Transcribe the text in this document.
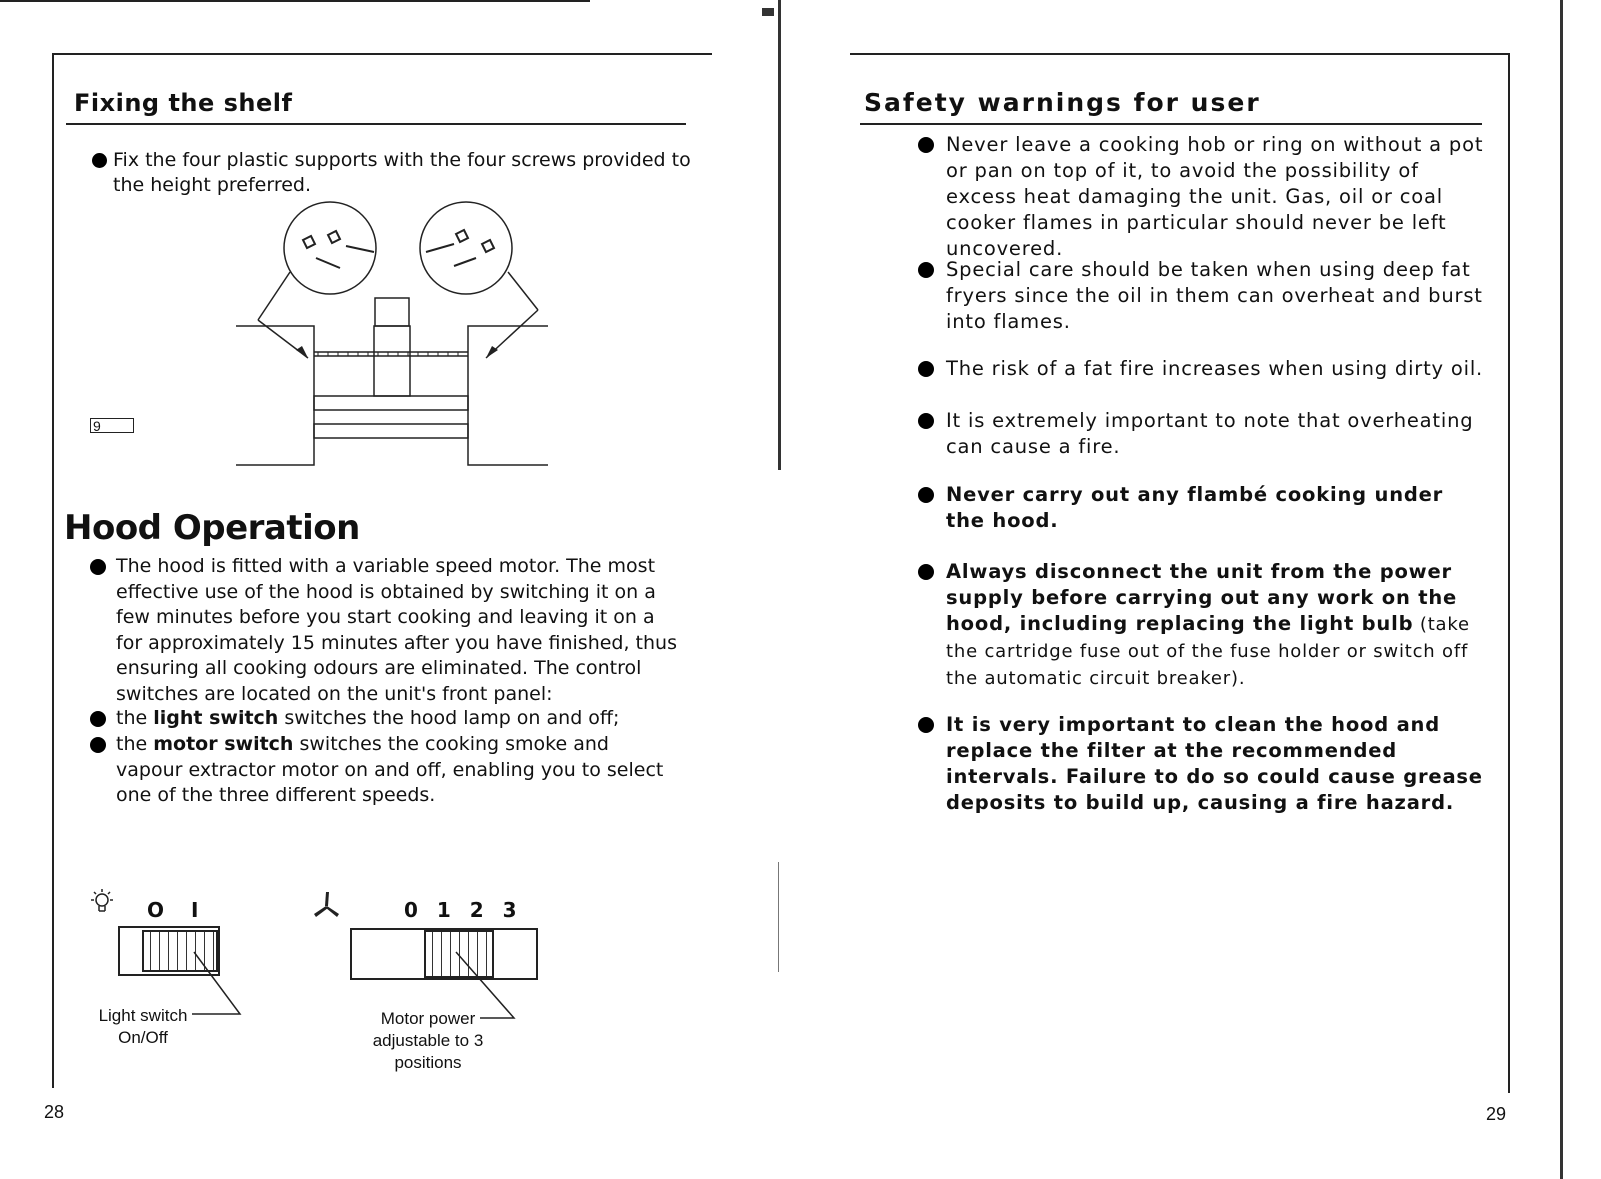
Fixing the shelf
Fix the four plastic supports with the four screws provided to the height preferred.
9
Hood Operation
The hood is fitted with a variable speed motor. The most effective use of the hood is obtained by switching it on a few minutes before you start cooking and leaving it on a for approximately 15 minutes after you have finished, thus ensuring all cooking odours are eliminated. The control switches are located on the unit's front panel:
the light switch switches the hood lamp on and off;
the motor switch switches the cooking smoke and vapour extractor motor on and off, enabling you to select one of the three different speeds.
O I
Light switch
On/Off
0 1 2 3
Motor power
adjustable to 3
positions
28
Safety warnings for user
Never leave a cooking hob or ring on without a pot or pan on top of it, to avoid the possibility of excess heat damaging the unit. Gas, oil or coal cooker flames in particular should never be left uncovered.
Special care should be taken when using deep fat fryers since the oil in them can overheat and burst into flames.
The risk of a fat fire increases when using dirty oil.
It is extremely important to note that overheating can cause a fire.
Never carry out any flambé cooking under the hood.
Always disconnect the unit from the power supply before carrying out any work on the hood, including replacing the light bulb (take the cartridge fuse out of the fuse holder or switch off the automatic circuit breaker).
It is very important to clean the hood and replace the filter at the recommended intervals. Failure to do so could cause grease deposits to build up, causing a fire hazard.
29
